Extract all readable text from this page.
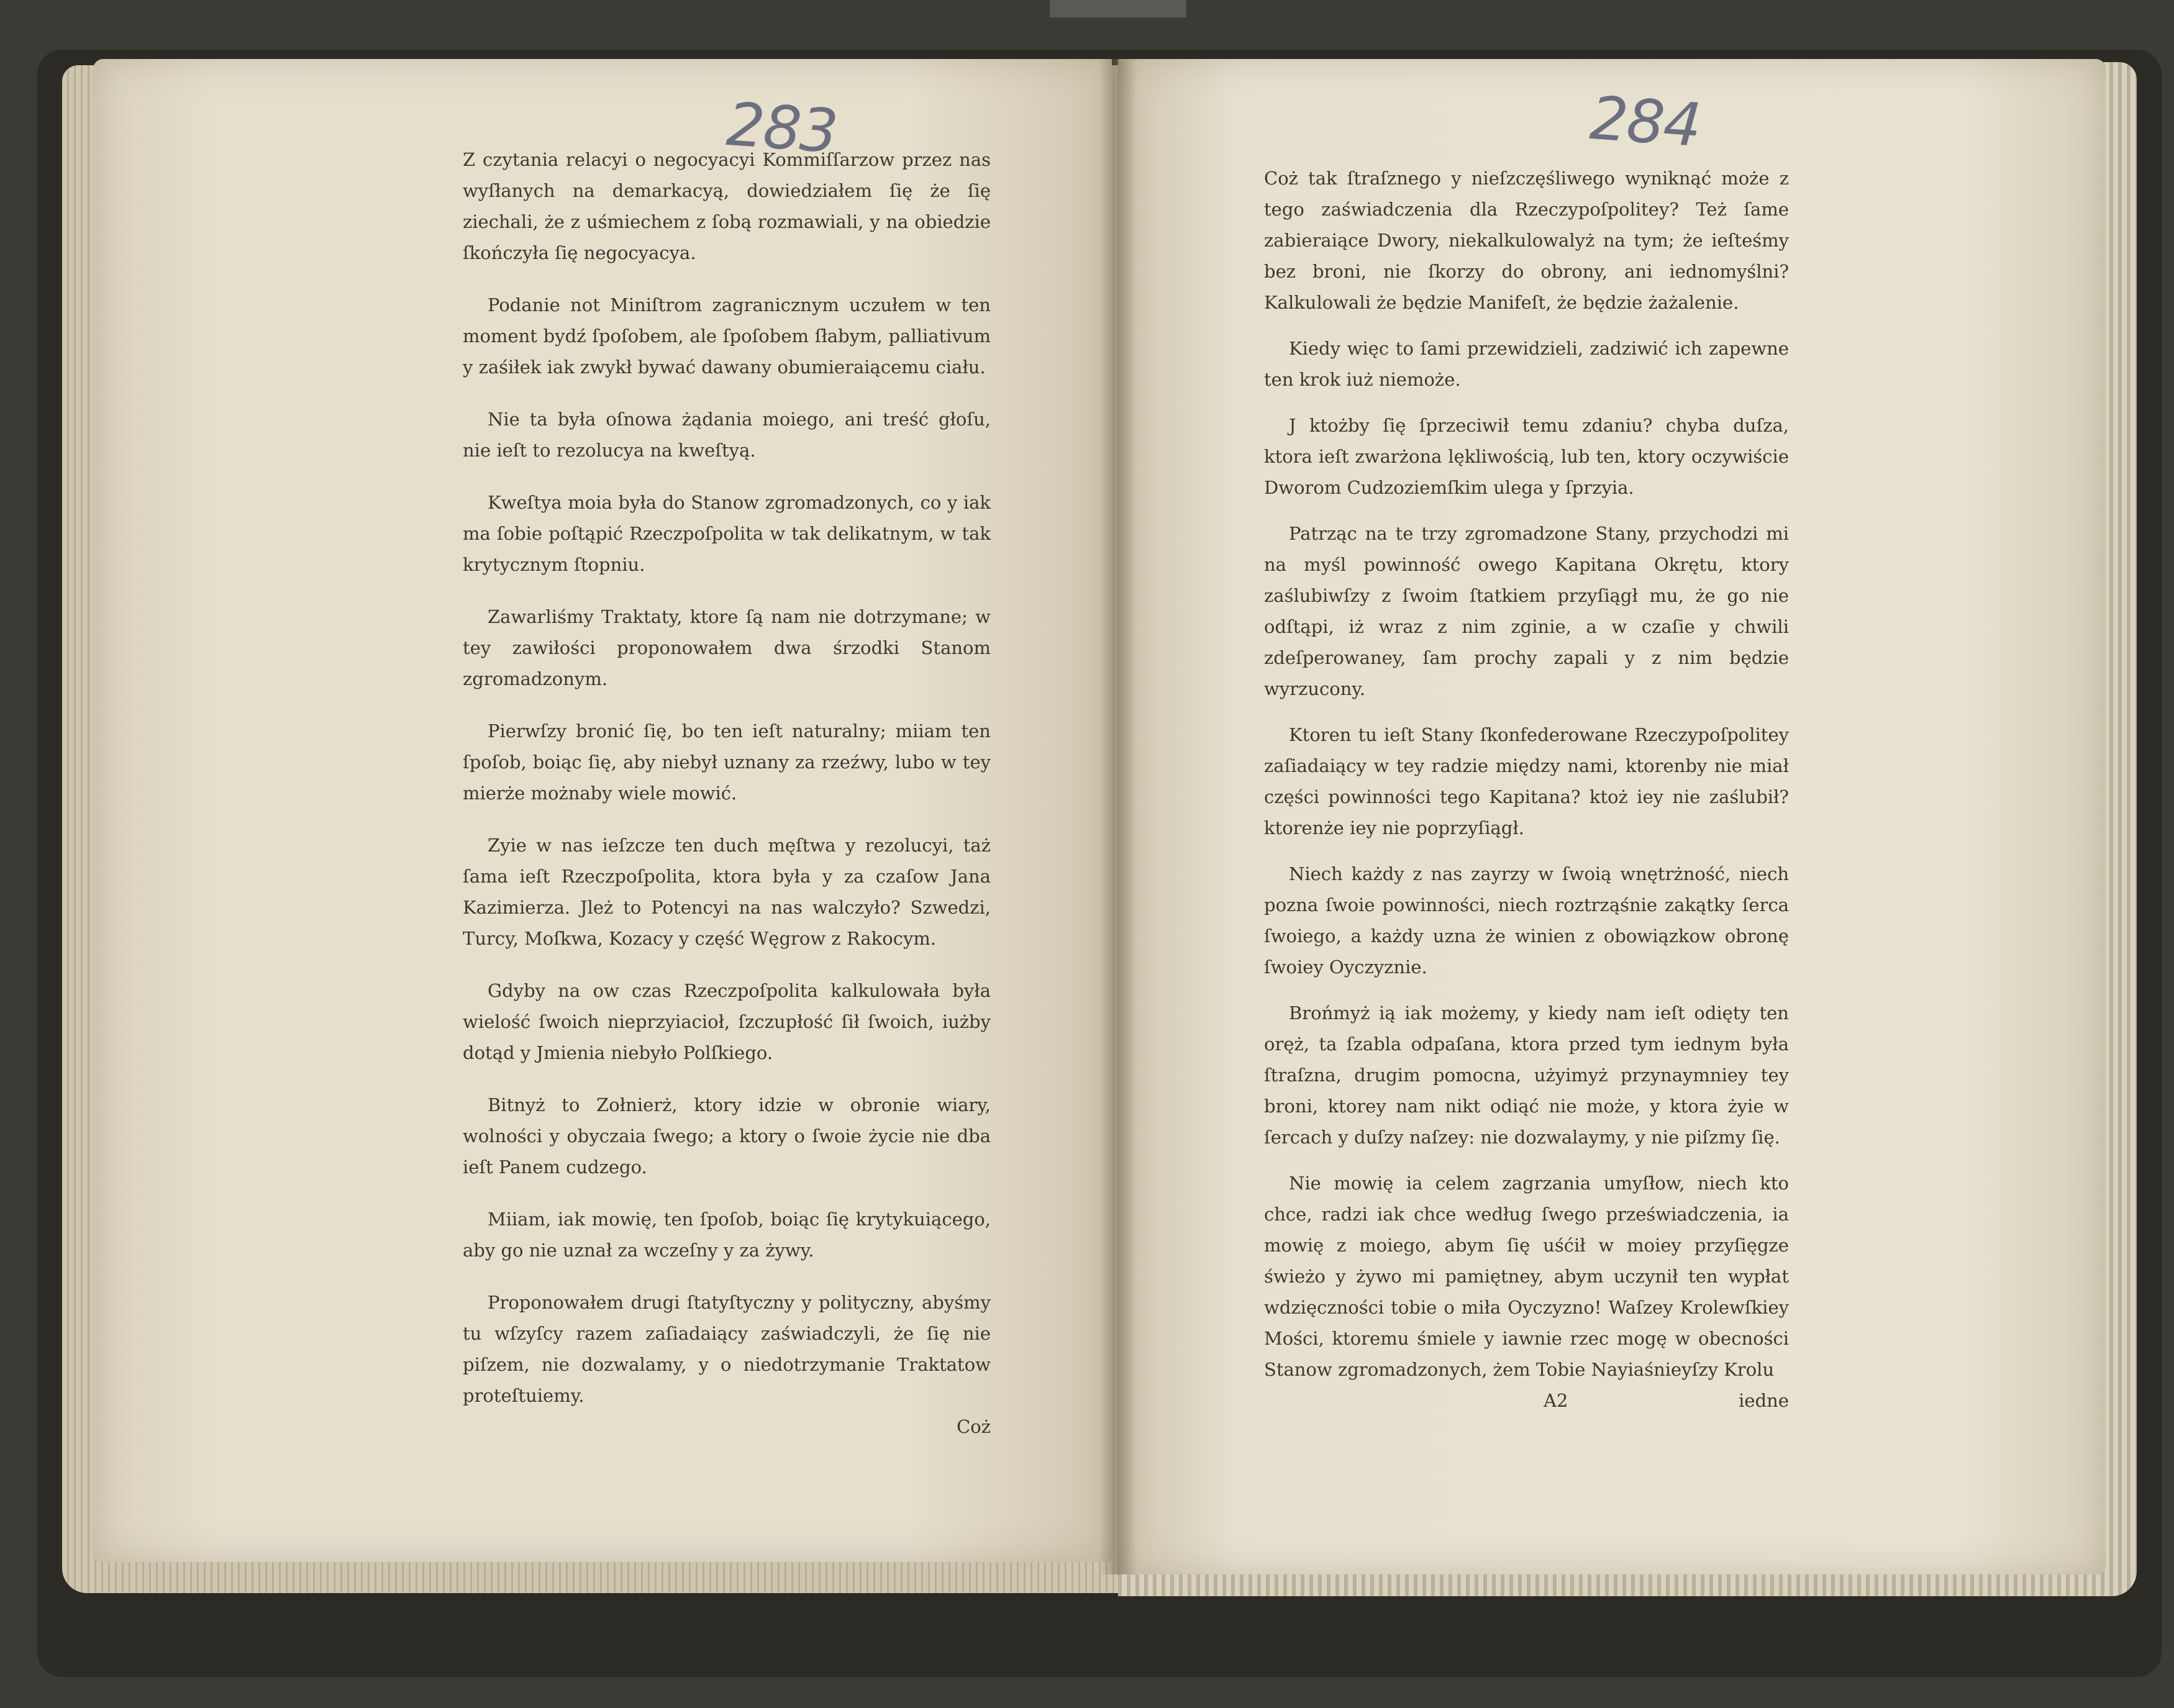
283	284

Z czytania relacyi o negocyacyi Kommiſſarzow przez nas wyſłanych na demarkacyą, dowiedziałem ſię że ſię ziechali, że z uśmiechem z ſobą rozmawiali, y na obiedzie ſkończyła ſię negocyacya.

Podanie not Miniſtrom zagranicznym uczułem w ten moment bydź ſpoſobem, ale ſpoſobem ſłabym, palliativum y zaśiłek iak zwykł bywać dawany obumieraiącemu ciału.

Nie ta była oſnowa żądania moiego, ani treść głoſu, nie ieſt to rezolucya na kweſtyą.

Kweſtya moia była do Stanow zgromadzonych, co y iak ma ſobie poſtąpić Rzeczpoſpolita w tak delikatnym, w tak krytycznym ſtopniu.

Zawarliśmy Traktaty, ktore ſą nam nie dotrzymane; w tey zawiłości proponowałem dwa śrzodki Stanom zgromadzonym.

Pierwſzy bronić ſię, bo ten ieſt naturalny; miiam ten ſpoſob, boiąc ſię, aby niebył uznany za rzeźwy, lubo w tey mierże możnaby wiele mowić.

Zyie w nas ieſzcze ten duch męſtwa y rezolucyi, taż ſama ieſt Rzeczpoſpolita, ktora była y za czaſow Jana Kazimierza. Jleż to Potencyi na nas walczyło? Szwedzi, Turcy, Moſkwa, Kozacy y część Węgrow z Rakocym.

Gdyby na ow czas Rzeczpoſpolita kalkulowała była wielość ſwoich nieprzyiacioł, ſzczupłość ſił ſwoich, iużby dotąd y Jmienia niebyło Polſkiego.

Bitnyż to Zołnierż, ktory idzie w obronie wiary, wolności y obyczaia ſwego; a ktory o ſwoie życie nie dba ieſt Panem cudzego.

Miiam, iak mowię, ten ſpoſob, boiąc ſię krytykuiącego, aby go nie uznał za wczeſny y za żywy.

Proponowałem drugi ſtatyſtyczny y polityczny, abyśmy tu wſzyſcy razem zaſiadaiący zaświadczyli, że ſię nie piſzem, nie dozwalamy, y o niedotrzymanie Traktatow proteſtuiemy.

Coż

Coż tak ſtraſznego y nieſzczęśliwego wyniknąć może z tego zaświadczenia dla Rzeczypoſpolitey? Też ſame zabieraiące Dwory, niekalkulowalyż na tym; że ieſteśmy bez broni, nie ſkorzy do obrony, ani iednomyślni? Kalkulowali że będzie Manifeſt, że będzie żażalenie.

Kiedy więc to ſami przewidzieli, zadziwić ich zapewne ten krok iuż niemoże.

J ktożby ſię ſprzeciwił temu zdaniu? chyba duſza, ktora ieſt zwarżona lękliwością, lub ten, ktory oczywiście Dworom Cudzoziemſkim ulega y ſprzyia.

Patrząc na te trzy zgromadzone Stany, przychodzi mi na myśl powinność owego Kapitana Okrętu, ktory zaślubiwſzy z ſwoim ſtatkiem przyſiągł mu, że go nie odſtąpi, iż wraz z nim zginie, a w czaſie y chwili zdeſperowaney, ſam prochy zapali y z nim będzie wyrzucony.

Ktoren tu ieſt Stany ſkonfederowane Rzeczypoſpolitey zaſiadaiący w tey radzie między nami, ktorenby nie miał części powinności tego Kapitana? ktoż iey nie zaślubił? ktorenże iey nie poprzyſiągł.

Niech każdy z nas zayrzy w ſwoią wnętrżność, niech pozna ſwoie powinności, niech roztrząśnie zakątky ſerca ſwoiego, a każdy uzna że winien z obowiązkow obronę ſwoiey Oyczyznie.

Brońmyż ią iak możemy, y kiedy nam ieſt odięty ten oręż, ta ſzabla odpaſana, ktora przed tym iednym była ſtraſzna, drugim pomocna, użyimyż przynaymniey tey broni, ktorey nam nikt odiąć nie może, y ktora żyie w ſercach y duſzy naſzey: nie dozwalaymy, y nie piſzmy ſię.

Nie mowię ia celem zagrzania umyſłow, niech kto chce, radzi iak chce według ſwego przeświadczenia, ia mowię z moiego, abym ſię uśćił w moiey przyſięgze świeżo y żywo mi pamiętney, abym uczynił ten wypłat wdzięczności tobie o miła Oyczyzno! Waſzey Krolewſkiey Mości, ktoremu śmiele y iawnie rzec mogę w obecności Stanow zgromadzonych, żem Tobie Nayiaśnieyſzy Krolu

A2	iedne
